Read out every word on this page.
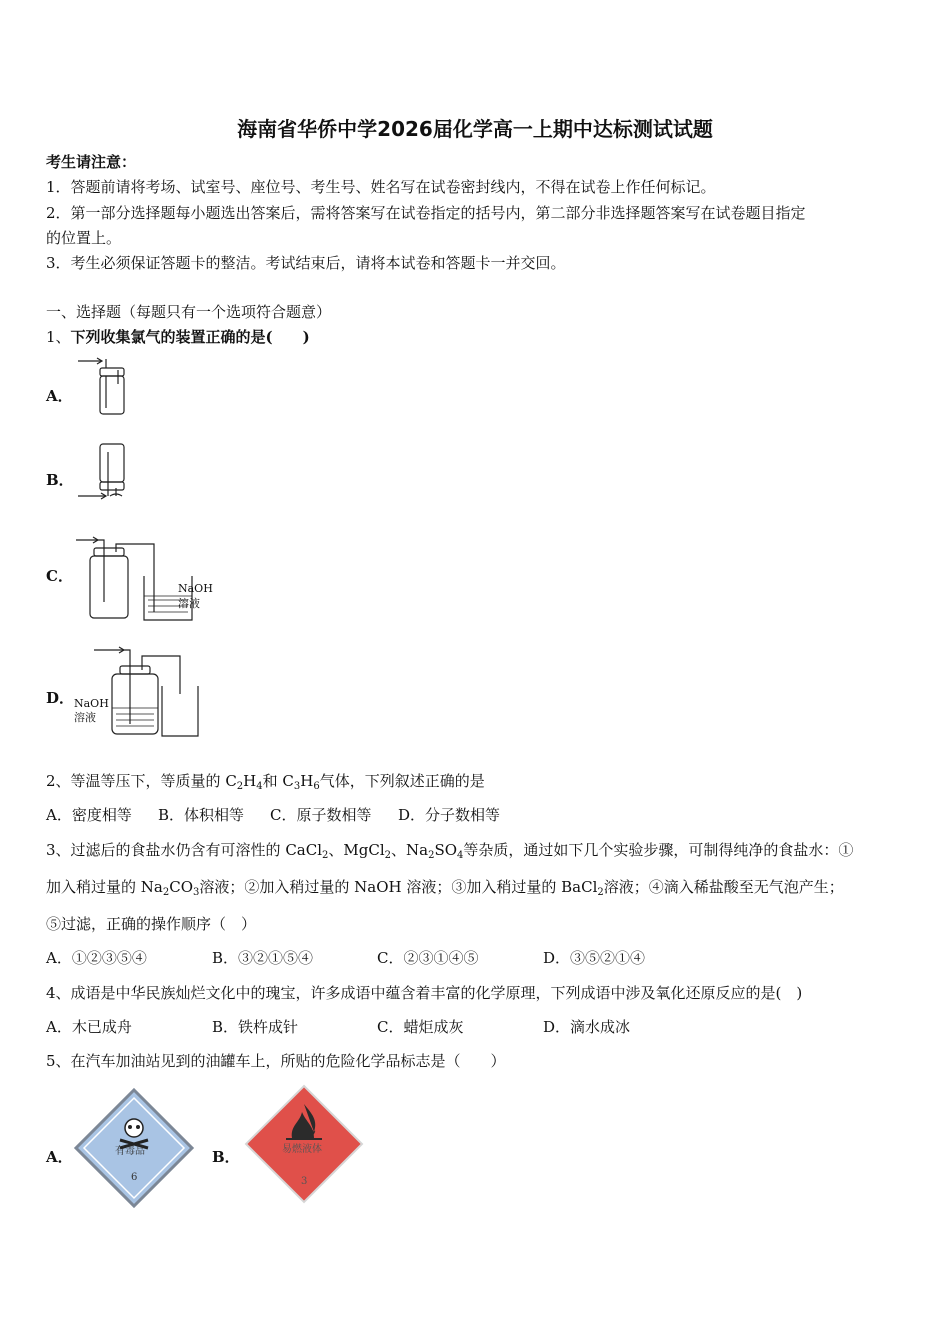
海南省华侨中学2026届化学高一上期中达标测试试题
考生请注意：
1．答题前请将考场、试室号、座位号、考生号、姓名写在试卷密封线内，不得在试卷上作任何标记。
2．第一部分选择题每小题选出答案后，需将答案写在试卷指定的括号内，第二部分非选择题答案写在试卷题目指定
的位置上。
3．考生必须保证答题卡的整洁。考试结束后，请将本试卷和答题卡一并交回。
一、选择题（每题只有一个选项符合题意）
1、下列收集氯气的装置正确的是(　　)
A．
B．
C．
NaOH
溶液
D． NaOH
溶液
2、等温等压下，等质量的 $C_2H_4$和 $C_3H_6$气体，下列叙述正确的是
A．密度相等 B．体积相等 C．原子数相等 D．分子数相等
3、过滤后的食盐水仍含有可溶性的 CaCl$_2$、MgCl$_2$、$Na_2SO_4$等杂质，通过如下几个实验步骤，可制得纯净的食盐水：①
加入稍过量的 $Na_2CO_3$溶液；②加入稍过量的 NaOH 溶液；③加入稍过量的 BaCl$_2$溶液；④滴入稀盐酸至无气泡产生；
⑤过滤，正确的操作顺序（　）
A．①②③⑤④	B．③②①⑤④	C．②③①④⑤	D．③⑤②①④
4、成语是中华民族灿烂文化中的瑰宝，许多成语中蕴含着丰富的化学原理，下列成语中涉及氧化还原反应的是(　)
A．木已成舟	B．铁杵成针	C．蜡炬成灰	D．滴水成冰
5、在汽车加油站见到的油罐车上，所贴的危险化学品标志是（　　）
A．	有毒品
6
B．	易燃液体
3
